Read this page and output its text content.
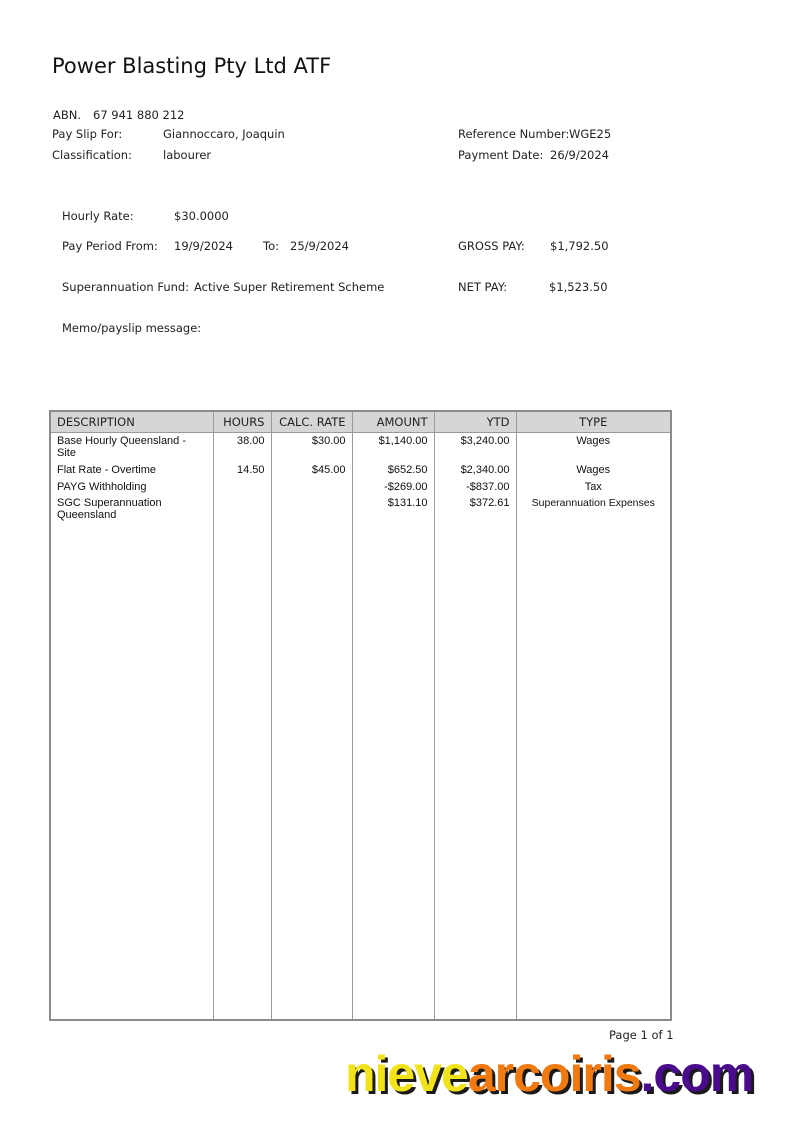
Power Blasting Pty Ltd ATF
ABN. 67 941 880 212
Pay Slip For:	Giannoccaro, Joaquin
Classification:	labourer
Reference Number: WGE25
Payment Date: 26/9/2024
Hourly Rate:	$30.0000
Pay Period From: 19/9/2024	To: 25/9/2024	GROSS PAY: $1,792.50
Superannuation Fund: Active Super Retirement Scheme	NET PAY:	$1,523.50
Memo/payslip message:
DESCRIPTION	HOURS	CALC. RATE	AMOUNT	YTD	TYPE
Base Hourly Queensland - Site	38.00	$30.00	$1,140.00	$3,240.00	Wages
Flat Rate - Overtime	14.50	$45.00	$652.50	$2,340.00	Wages
PAYG Withholding			-$269.00	-$837.00	Tax
SGC Superannuation Queensland			$131.10	$372.61	Superannuation Expenses

Page 1 of 1
nievearcoiris.com
